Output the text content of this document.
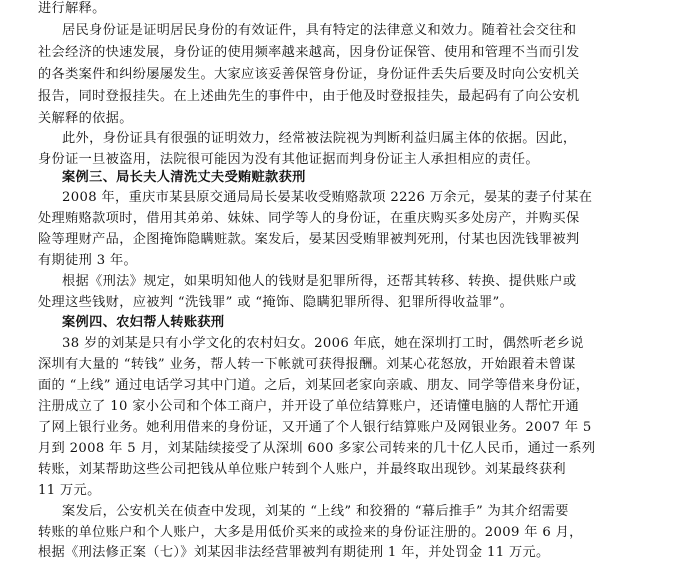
进行解释。
居民身份证是证明居民身份的有效证件，具有特定的法律意义和效力。随着社会交往和
社会经济的快速发展，身份证的使用频率越来越高，因身份证保管、使用和管理不当而引发
的各类案件和纠纷屡屡发生。大家应该妥善保管身份证，身份证件丢失后要及时向公安机关
报告，同时登报挂失。在上述曲先生的事件中，由于他及时登报挂失，最起码有了向公安机
关解释的依据。
此外，身份证具有很强的证明效力，经常被法院视为判断利益归属主体的依据。因此，
身份证一旦被盗用，法院很可能因为没有其他证据而判身份证主人承担相应的责任。
案例三、局长夫人清洗丈夫受贿赃款获刑
2008 年，重庆市某县原交通局局长晏某收受贿赂款项 2226 万余元，晏某的妻子付某在
处理贿赂款项时，借用其弟弟、妹妹、同学等人的身份证，在重庆购买多处房产，并购买保
险等理财产品，企图掩饰隐瞒赃款。案发后，晏某因受贿罪被判死刑，付某也因洗钱罪被判
有期徒刑 3 年。
根据《刑法》规定，如果明知他人的钱财是犯罪所得，还帮其转移、转换、提供账户或
处理这些钱财，应被判 “洗钱罪” 或 “掩饰、隐瞒犯罪所得、犯罪所得收益罪”。
案例四、农妇帮人转账获刑
38 岁的刘某是只有小学文化的农村妇女。2006 年底，她在深圳打工时，偶然听老乡说
深圳有大量的 “转钱” 业务，帮人转一下帐就可获得报酬。刘某心花怒放，开始跟着未曾谋
面的 “上线” 通过电话学习其中门道。之后，刘某回老家向亲戚、朋友、同学等借来身份证，
注册成立了 10 家小公司和个体工商户，并开设了单位结算账户，还请懂电脑的人帮忙开通
了网上银行业务。她利用借来的身份证，又开通了个人银行结算账户及网银业务。2007 年 5
月到 2008 年 5 月，刘某陆续接受了从深圳 600 多家公司转来的几十亿人民币，通过一系列
转账，刘某帮助这些公司把钱从单位账户转到个人账户，并最终取出现钞。刘某最终获利
11 万元。
案发后，公安机关在侦查中发现，刘某的 “上线” 和狡猾的 “幕后推手” 为其介绍需要
转账的单位账户和个人账户，大多是用低价买来的或捡来的身份证注册的。2009 年 6 月，
根据《刑法修正案（七）》刘某因非法经营罪被判有期徒刑 1 年，并处罚金 11 万元。
